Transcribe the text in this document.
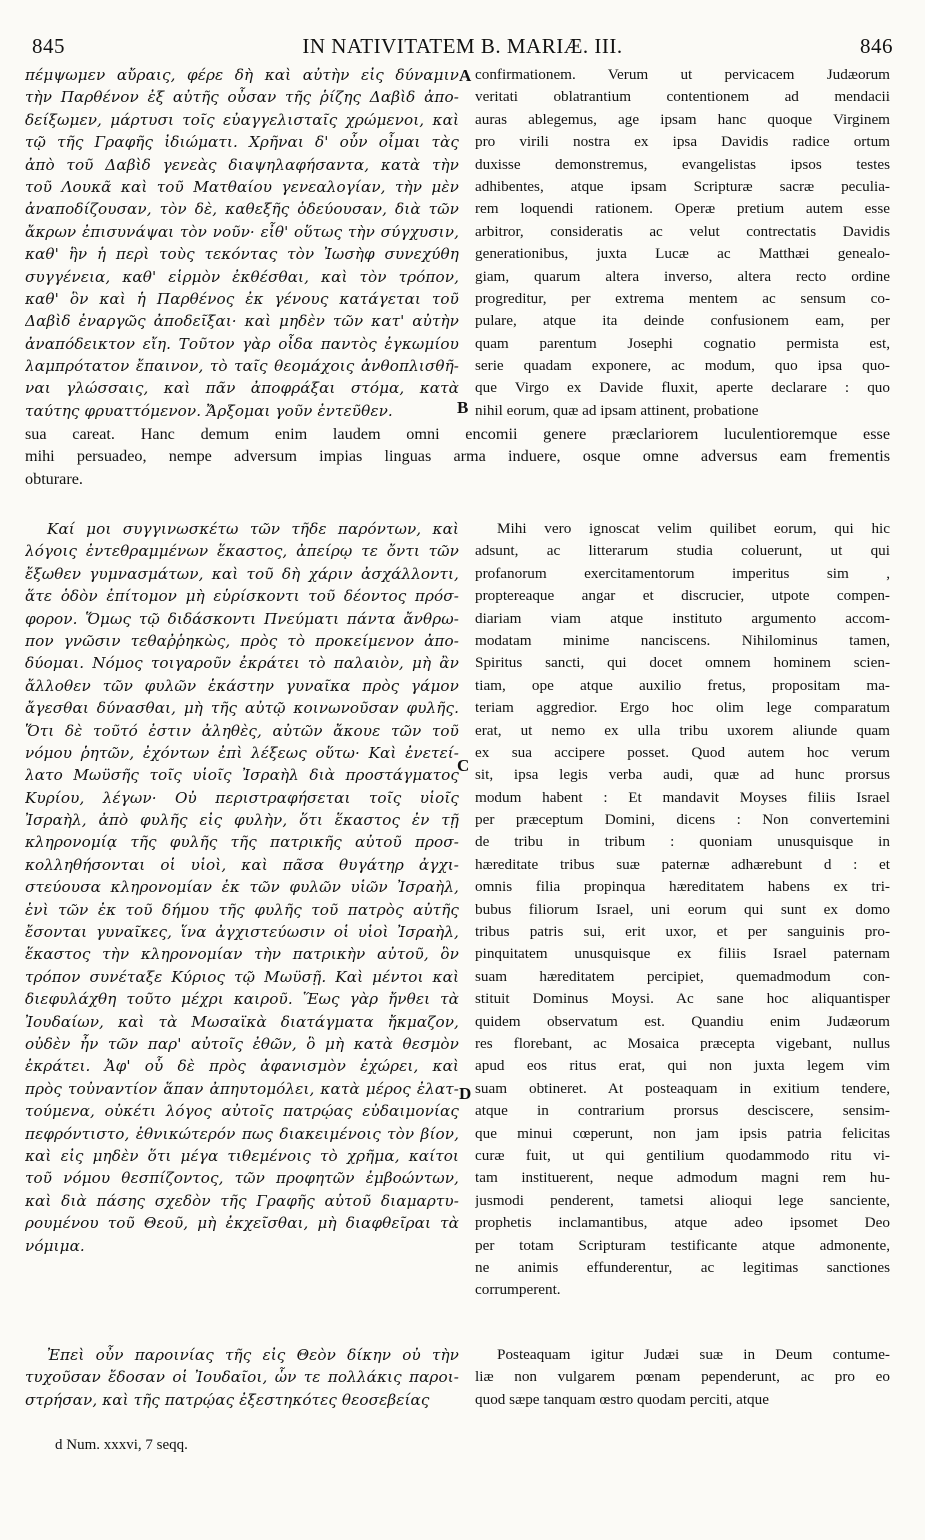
845	IN NATIVITATEM B. MARIÆ. III.	846
πέμψωμεν αὔραις, φέρε δὴ καὶ αὐτὴν εἰς δύναμιν
τὴν Παρθένον ἐξ αὐτῆς οὖσαν τῆς ῥίζης Δαβὶδ ἀπο-
δείξωμεν, μάρτυσι τοῖς εὐαγγελισταῖς χρώμενοι, καὶ
τῷ τῆς Γραφῆς ἰδιώματι. Χρῆναι δ' οὖν οἶμαι τὰς
ἀπὸ τοῦ Δαβὶδ γενεὰς διαψηλαφήσαντα, κατὰ τὴν
τοῦ Λουκᾶ καὶ τοῦ Ματθαίου γενεαλογίαν, τὴν μὲν
ἀναποδίζουσαν, τὸν δὲ, καθεξῆς ὁδεύουσαν, διὰ τῶν
ἄκρων ἐπισυνάψαι τὸν νοῦν· εἶθ' οὕτως τὴν σύγχυσιν,
καθ' ἣν ἡ περὶ τοὺς τεκόντας τὸν Ἰωσὴφ συνεχύθη
συγγένεια, καθ' εἱρμὸν ἐκθέσθαι, καὶ τὸν τρόπον,
καθ' ὃν καὶ ἡ Παρθένος ἐκ γένους κατάγεται τοῦ
Δαβὶδ ἐναργῶς ἀποδεῖξαι· καὶ μηδὲν τῶν κατ' αὐτὴν
ἀναπόδεικτον εἴη. Τοῦτον γὰρ οἶδα παντὸς ἐγκωμίου
λαμπρότατον ἔπαινον, τὸ ταῖς θεομάχοις ἀνθοπλισθῆ-
ναι γλώσσαις, καὶ πᾶν ἀποφράξαι στόμα, κατὰ
ταύτης φρυαττόμενον. Ἄρξομαι γοῦν ἐντεῦθεν.
confirmationem. Verum ut pervicacem Judæorum
veritati oblatrantium contentionem ad mendacii
auras ablegemus, age ipsam hanc quoque Virginem
pro virili nostra ex ipsa Davidis radice ortum
duxisse demonstremus, evangelistas ipsos testes
adhibentes, atque ipsam Scripturæ sacræ peculia-
rem loquendi rationem. Operæ pretium autem esse
arbitror, consideratis ac velut contrectatis Davidis
generationibus, juxta Lucæ ac Matthæi genealo-
giam, quarum altera inverso, altera recto ordine
progreditur, per extrema mentem ac sensum co-
pulare, atque ita deinde confusionem eam, per
quam parentum Josephi cognatio permista est,
serie quadam exponere, ac modum, quo ipsa quo-
que Virgo ex Davide fluxit, aperte declarare : quo
nihil eorum, quæ ad ipsam attinent, probatione
sua careat. Hanc demum enim laudem omni encomii genere præclariorem luculentioremque esse
mihi persuadeo, nempe adversum impias linguas arma induere, osque omne adversus eam frementis
obturare.
Καί μοι συγγινωσκέτω τῶν τῆδε παρόντων, καὶ
λόγοις ἐντεθραμμένων ἕκαστος, ἀπείρῳ τε ὄντι τῶν
ἔξωθεν γυμνασμάτων, καὶ τοῦ δὴ χάριν ἀσχάλλοντι,
ἅτε ὁδὸν ἐπίτομον μὴ εὑρίσκοντι τοῦ δέοντος πρόσ-
φορον. Ὅμως τῷ διδάσκοντι Πνεύματι πάντα ἄνθρω-
πον γνῶσιν τεθαῤῥηκὼς, πρὸς τὸ προκείμενον ἀπο-
δύομαι. Νόμος τοιγαροῦν ἐκράτει τὸ παλαιὸν, μὴ ἂν
ἄλλοθεν τῶν φυλῶν ἑκάστην γυναῖκα πρὸς γάμον
ἄγεσθαι δύνασθαι, μὴ τῆς αὐτῷ κοινωνοῦσαν φυλῆς.
Ὅτι δὲ τοῦτό ἐστιν ἀληθὲς, αὐτῶν ἄκουε τῶν τοῦ
νόμου ῥητῶν, ἐχόντων ἐπὶ λέξεως οὕτω· Καὶ ἐνετεί-
λατο Μωϋσῆς τοῖς υἱοῖς Ἰσραὴλ διὰ προστάγματος
Κυρίου, λέγων· Οὐ περιστραφήσεται τοῖς υἱοῖς
Ἰσραὴλ, ἀπὸ φυλῆς εἰς φυλὴν, ὅτι ἕκαστος ἐν τῇ
κληρονομίᾳ τῆς φυλῆς τῆς πατρικῆς αὐτοῦ προσ-
κολληθήσονται οἱ υἱοὶ, καὶ πᾶσα θυγάτηρ ἀγχι-
στεύουσα κληρονομίαν ἐκ τῶν φυλῶν υἱῶν Ἰσραὴλ,
ἑνὶ τῶν ἐκ τοῦ δήμου τῆς φυλῆς τοῦ πατρὸς αὐτῆς
ἔσονται γυναῖκες, ἵνα ἀγχιστεύωσιν οἱ υἱοὶ Ἰσραὴλ,
ἕκαστος τὴν κληρονομίαν τὴν πατρικὴν αὐτοῦ, ὃν
τρόπον συνέταξε Κύριος τῷ Μωϋσῇ. Καὶ μέντοι καὶ
διεφυλάχθη τοῦτο μέχρι καιροῦ. Ἕως γὰρ ἤνθει τὰ
Ἰουδαίων, καὶ τὰ Μωσαϊκὰ διατάγματα ἤκμαζον,
οὐδὲν ἦν τῶν παρ' αὐτοῖς ἐθῶν, ὃ μὴ κατὰ θεσμὸν
ἐκράτει. Ἀφ' οὗ δὲ πρὸς ἀφανισμὸν ἐχώρει, καὶ
πρὸς τοὐναντίον ἅπαν ἀπηυτομόλει, κατὰ μέρος ἐλατ-
τούμενα, οὐκέτι λόγος αὐτοῖς πατρῴας εὐδαιμονίας
πεφρόντιστο, ἐθνικώτερόν πως διακειμένοις τὸν βίον,
καὶ εἰς μηδὲν ὅτι μέγα τιθεμένοις τὸ χρῆμα, καίτοι
τοῦ νόμου θεσπίζοντος, τῶν προφητῶν ἐμβοώντων,
καὶ διὰ πάσης σχεδὸν τῆς Γραφῆς αὐτοῦ διαμαρτυ-
ρουμένου τοῦ Θεοῦ, μὴ ἐκχεῖσθαι, μὴ διαφθεῖραι τὰ
νόμιμα.
Ἐπεὶ οὖν παροινίας τῆς εἰς Θεὸν δίκην οὐ τὴν
τυχοῦσαν ἔδοσαν οἱ Ἰουδαῖοι, ὧν τε πολλάκις παροι-
στρήσαν, καὶ τῆς πατρῴας ἐξεστηκότες θεοσεβείας
Mihi vero ignoscat velim quilibet eorum, qui hic
adsunt, ac litterarum studia coluerunt, ut qui
profanorum exercitamentorum imperitus sim ,
proptereaque angar et discrucier, utpote compen-
diariam viam atque instituto argumento accom-
modatam minime nanciscens. Nihilominus tamen,
Spiritus sancti, qui docet omnem hominem scien-
tiam, ope atque auxilio fretus, propositam ma-
teriam aggredior. Ergo hoc olim lege comparatum
erat, ut nemo ex ulla tribu uxorem aliunde quam
ex sua accipere posset. Quod autem hoc verum
sit, ipsa legis verba audi, quæ ad hunc prorsus
modum habent : Et mandavit Moyses filiis Israel
per præceptum Domini, dicens : Non convertemini
de tribu in tribum : quoniam unusquisque in
hæreditate tribus suæ paternæ adhærebunt d : et
omnis filia propinqua hæreditatem habens ex tri-
bubus filiorum Israel, uni eorum qui sunt ex domo
tribus patris sui, erit uxor, et per sanguinis pro-
pinquitatem unusquisque ex filiis Israel paternam
suam hæreditatem percipiet, quemadmodum con-
stituit Dominus Moysi. Ac sane hoc aliquantisper
quidem observatum est. Quandiu enim Judæorum
res florebant, ac Mosaica præcepta vigebant, nullus
apud eos ritus erat, qui non juxta legem vim
suam obtineret. At posteaquam in exitium tendere,
atque in contrarium prorsus desciscere, sensim-
que minui cœperunt, non jam ipsis patria felicitas
curæ fuit, ut qui gentilium quodammodo ritu vi-
tam instituerent, neque admodum magni rem hu-
jusmodi penderent, tametsi alioqui lege sanciente,
prophetis inclamantibus, atque adeo ipsomet Deo
per totam Scripturam testificante atque admonente,
ne animis effunderentur, ac legitimas sanctiones
corrumperent.
Posteaquam igitur Judæi suæ in Deum contume-
liæ non vulgarem pœnam pependerunt, ac pro eo
quod sæpe tanquam œstro quodam perciti, atque
A
B
C
D
d Num. xxxvi, 7 seqq.
